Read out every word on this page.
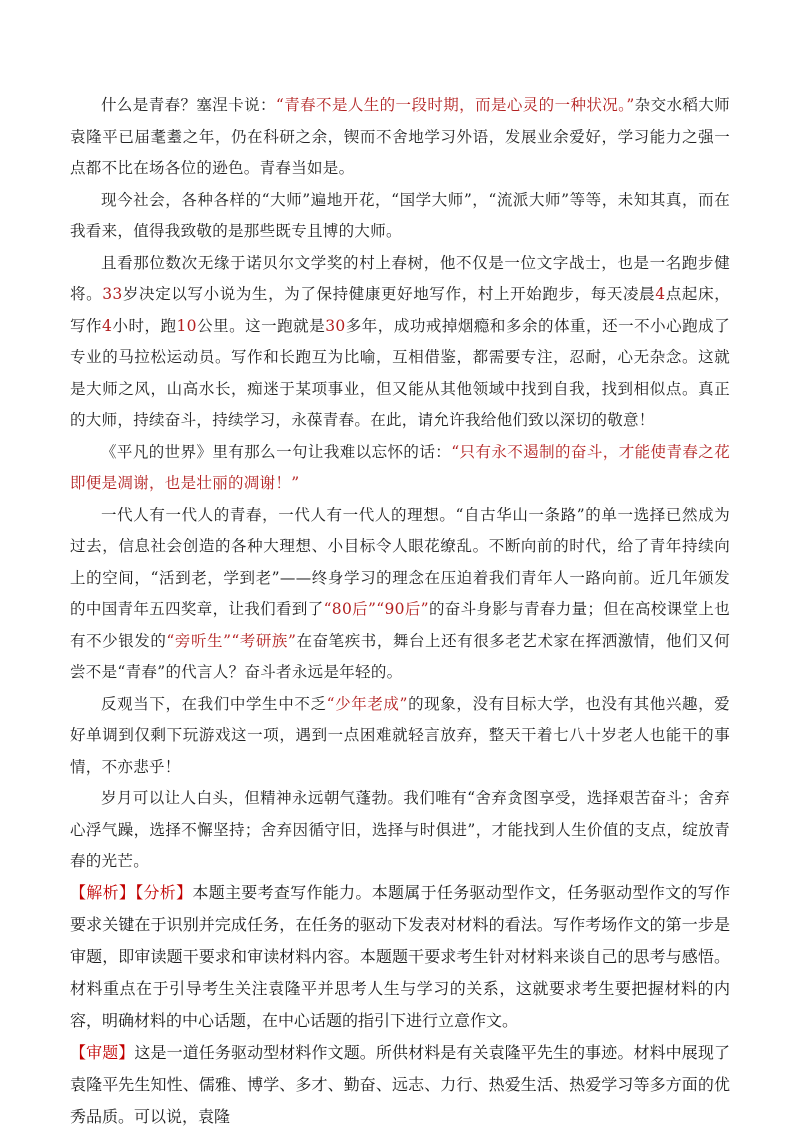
什么是青春？塞涅卡说：“青春不是人生的一段时期，而是心灵的一种状况。”杂交水稻大师袁隆平已届耄耋之年，仍在科研之余，锲而不舍地学习外语，发展业余爱好，学习能力之强一点都不比在场各位的逊色。青春当如是。

现今社会，各种各样的“大师”遍地开花，“国学大师”，“流派大师”等等，未知其真，而在我看来，值得我致敬的是那些既专且博的大师。

且看那位数次无缘于诺贝尔文学奖的村上春树，他不仅是一位文字战士，也是一名跑步健将。33岁决定以写小说为生，为了保持健康更好地写作，村上开始跑步，每天凌晨4点起床，写作4小时，跑10公里。这一跑就是30多年，成功戒掉烟瘾和多余的体重，还一不小心跑成了专业的马拉松运动员。写作和长跑互为比喻，互相借鉴，都需要专注，忍耐，心无杂念。这就是大师之风，山高水长，痴迷于某项事业，但又能从其他领域中找到自我，找到相似点。真正的大师，持续奋斗，持续学习，永葆青春。在此，请允许我给他们致以深切的敬意！

《平凡的世界》里有那么一句让我难以忘怀的话：“只有永不遏制的奋斗，才能使青春之花即便是凋谢，也是壮丽的凋谢！”

一代人有一代人的青春，一代人有一代人的理想。“自古华山一条路”的单一选择已然成为过去，信息社会创造的各种大理想、小目标令人眼花缭乱。不断向前的时代，给了青年持续向上的空间，“活到老，学到老”——终身学习的理念在压迫着我们青年人一路向前。近几年颁发的中国青年五四奖章，让我们看到了“80后”“90后”的奋斗身影与青春力量；但在高校课堂上也有不少银发的“旁听生”“考研族”在奋笔疾书，舞台上还有很多老艺术家在挥洒激情，他们又何尝不是“青春”的代言人？奋斗者永远是年轻的。

反观当下，在我们中学生中不乏“少年老成”的现象，没有目标大学，也没有其他兴趣，爱好单调到仅剩下玩游戏这一项，遇到一点困难就轻言放弃，整天干着七八十岁老人也能干的事情，不亦悲乎！

岁月可以让人白头，但精神永远朝气蓬勃。我们唯有“舍弃贪图享受，选择艰苦奋斗；舍弃心浮气躁，选择不懈坚持；舍弃因循守旧，选择与时俱进”，才能找到人生价值的支点，绽放青春的光芒。

【解析】【分析】本题主要考查写作能力。本题属于任务驱动型作文，任务驱动型作文的写作要求关键在于识别并完成任务，在任务的驱动下发表对材料的看法。写作考场作文的第一步是审题，即审读题干要求和审读材料内容。本题题干要求考生针对材料来谈自己的思考与感悟。材料重点在于引导考生关注袁隆平并思考人生与学习的关系，这就要求考生要把握材料的内容，明确材料的中心话题，在中心话题的指引下进行立意作文。

【审题】这是一道任务驱动型材料作文题。所供材料是有关袁隆平先生的事迹。材料中展现了袁隆平先生知性、儒雅、博学、多才、勤奋、远志、力行、热爱生活、热爱学习等多方面的优秀品质。可以说，袁隆
